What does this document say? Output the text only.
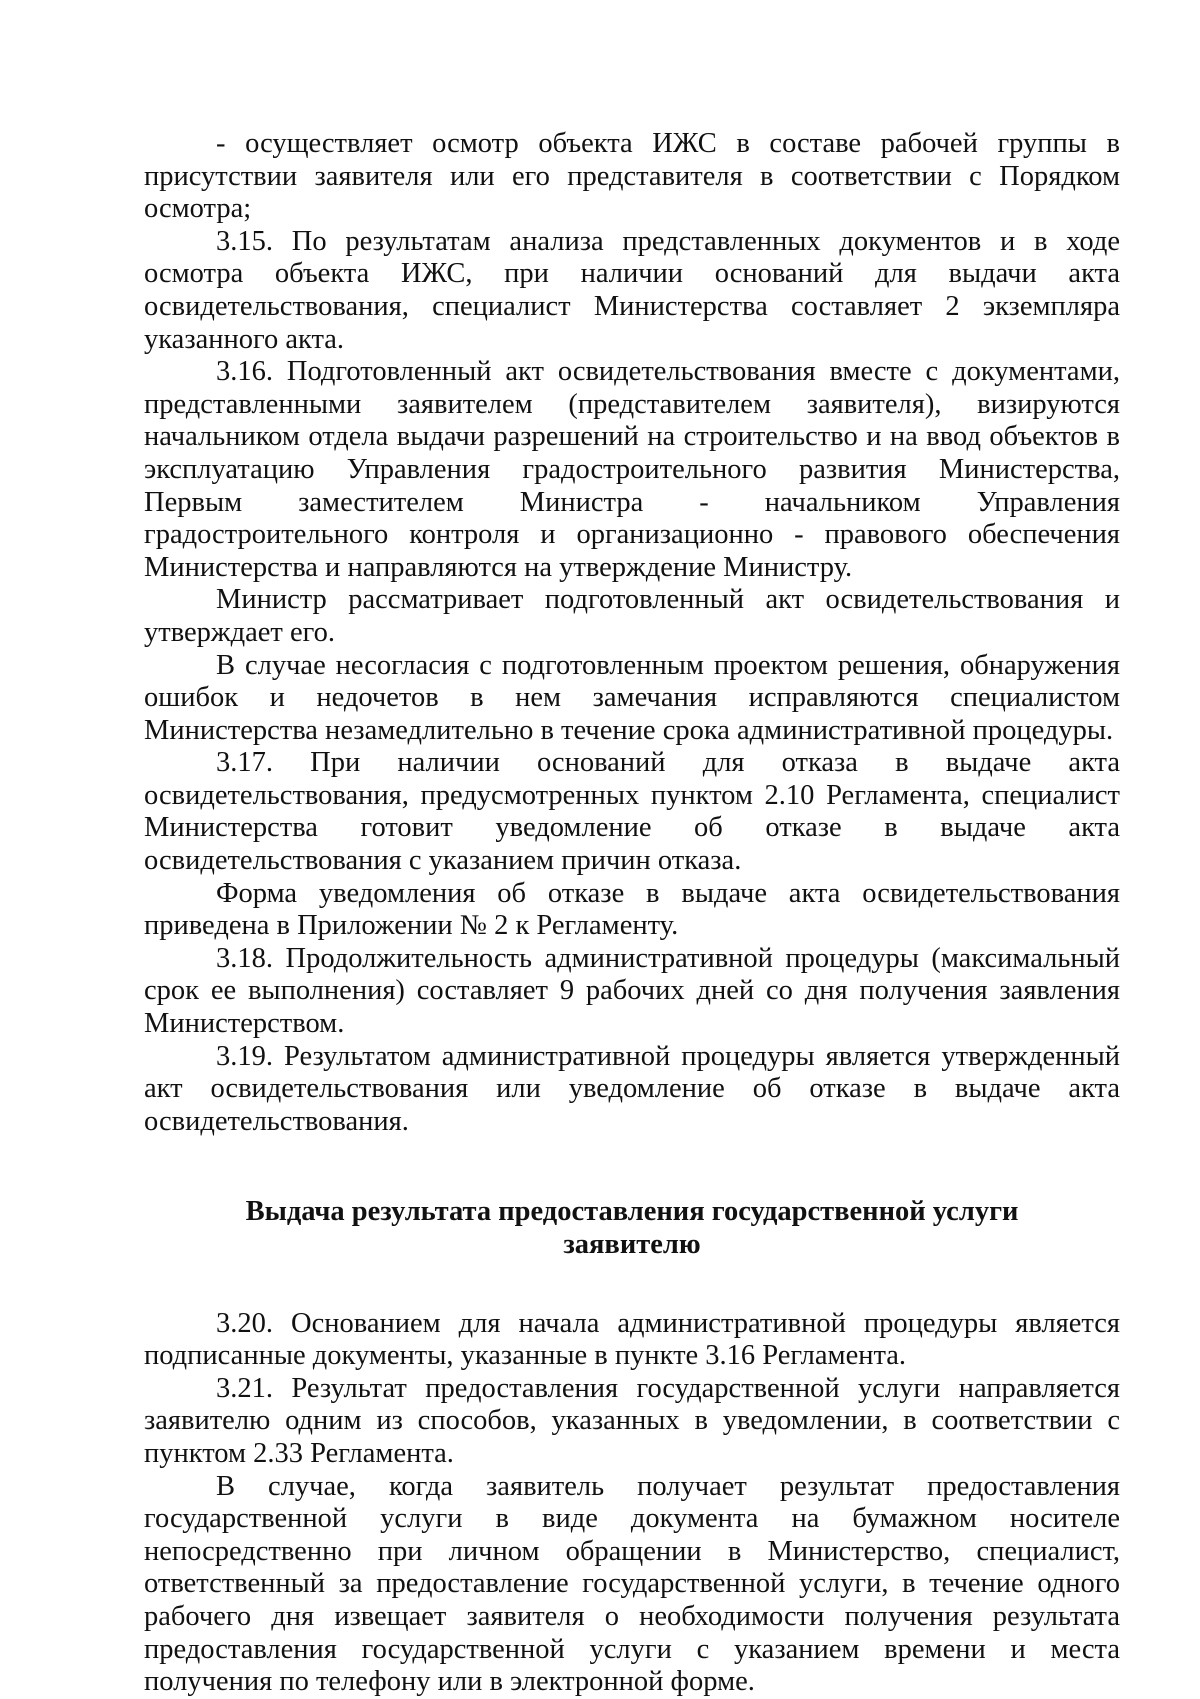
- осуществляет осмотр объекта ИЖС в составе рабочей группы в присутствии заявителя или его представителя в соответствии с Порядком осмотра;

3.15. По результатам анализа представленных документов и в ходе осмотра объекта ИЖС, при наличии оснований для выдачи акта освидетельствования, специалист Министерства составляет 2 экземпляра указанного акта.

3.16. Подготовленный акт освидетельствования вместе с документами, представленными заявителем (представителем заявителя), визируются начальником отдела выдачи разрешений на строительство и на ввод объектов в эксплуатацию Управления градостроительного развития Министерства, Первым заместителем Министра - начальником Управления градостроительного контроля и организационно - правового обеспечения Министерства и направляются на утверждение Министру.

Министр рассматривает подготовленный акт освидетельствования и утверждает его.

В случае несогласия с подготовленным проектом решения, обнаружения ошибок и недочетов в нем замечания исправляются специалистом Министерства незамедлительно в течение срока административной процедуры.

3.17. При наличии оснований для отказа в выдаче акта освидетельствования, предусмотренных пунктом 2.10 Регламента, специалист Министерства готовит уведомление об отказе в выдаче акта освидетельствования с указанием причин отказа.

Форма уведомления об отказе в выдаче акта освидетельствования приведена в Приложении № 2 к Регламенту.

3.18. Продолжительность административной процедуры (максимальный срок ее выполнения) составляет 9 рабочих дней со дня получения заявления Министерством.

3.19. Результатом административной процедуры является утвержденный акт освидетельствования или уведомление об отказе в выдаче акта освидетельствования.

Выдача результата предоставления государственной услуги
заявителю

3.20. Основанием для начала административной процедуры является подписанные документы, указанные в пункте 3.16 Регламента.

3.21. Результат предоставления государственной услуги направляется заявителю одним из способов, указанных в уведомлении, в соответствии с пунктом 2.33 Регламента.

В случае, когда заявитель получает результат предоставления государственной услуги в виде документа на бумажном носителе непосредственно при личном обращении в Министерство, специалист, ответственный за предоставление государственной услуги, в течение одного рабочего дня извещает заявителя о необходимости получения результата предоставления государственной услуги с указанием времени и места получения по телефону или в электронной форме.
